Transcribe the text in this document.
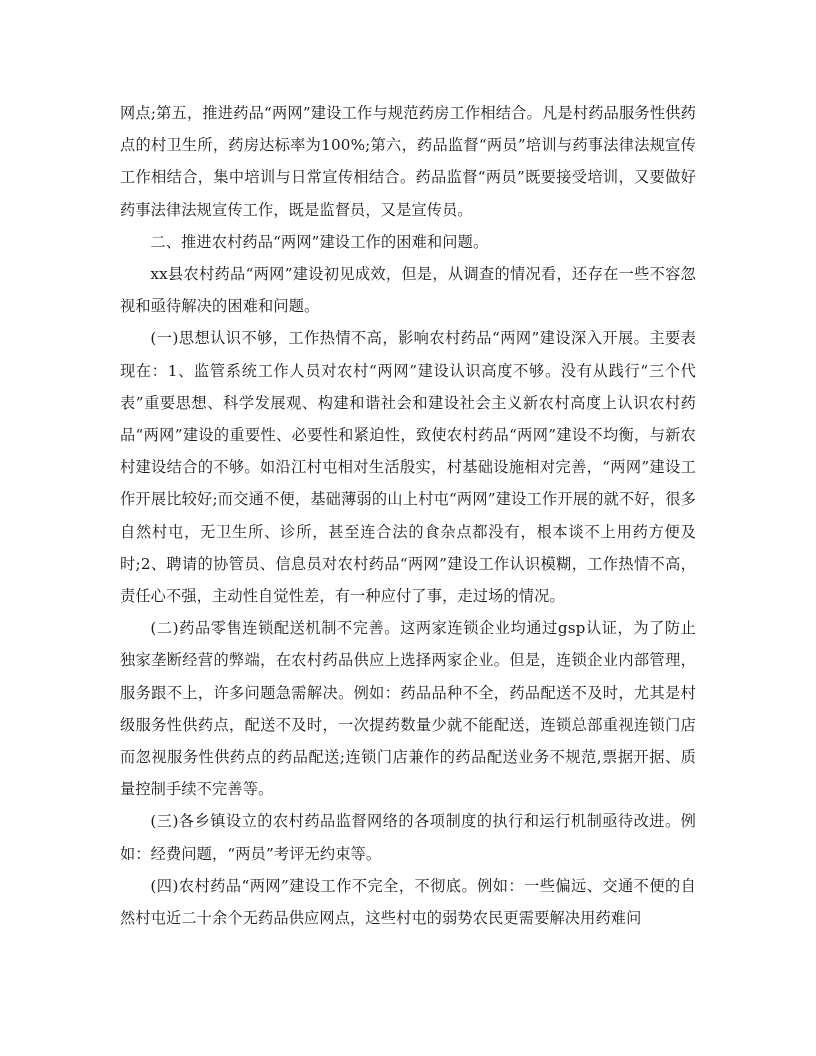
网点;第五，推进药品“两网”建设工作与规范药房工作相结合。凡是村药品服务性供药点的村卫生所，药房达标率为100%;第六，药品监督“两员”培训与药事法律法规宣传工作相结合，集中培训与日常宣传相结合。药品监督“两员”既要接受培训，又要做好药事法律法规宣传工作，既是监督员，又是宣传员。

二、推进农村药品“两网”建设工作的困难和问题。

xx县农村药品“两网”建设初见成效，但是，从调查的情况看，还存在一些不容忽视和亟待解决的困难和问题。

(一)思想认识不够，工作热情不高，影响农村药品“两网”建设深入开展。主要表现在：1、监管系统工作人员对农村“两网”建设认识高度不够。没有从践行“三个代表”重要思想、科学发展观、构建和谐社会和建设社会主义新农村高度上认识农村药品“两网”建设的重要性、必要性和紧迫性，致使农村药品“两网”建设不均衡，与新农村建设结合的不够。如沿江村屯相对生活殷实，村基础设施相对完善，“两网”建设工作开展比较好;而交通不便，基础薄弱的山上村屯“两网”建设工作开展的就不好，很多自然村屯，无卫生所、诊所，甚至连合法的食杂点都没有，根本谈不上用药方便及时;2、聘请的协管员、信息员对农村药品“两网”建设工作认识模糊，工作热情不高，责任心不强，主动性自觉性差，有一种应付了事，走过场的情况。

(二)药品零售连锁配送机制不完善。这两家连锁企业均通过gsp认证，为了防止独家垄断经营的弊端，在农村药品供应上选择两家企业。但是，连锁企业内部管理，服务跟不上，许多问题急需解决。例如：药品品种不全，药品配送不及时，尤其是村级服务性供药点，配送不及时，一次提药数量少就不能配送，连锁总部重视连锁门店而忽视服务性供药点的药品配送;连锁门店兼作的药品配送业务不规范,票据开据、质量控制手续不完善等。

(三)各乡镇设立的农村药品监督网络的各项制度的执行和运行机制亟待改进。例如：经费问题，“两员”考评无约束等。

(四)农村药品“两网”建设工作不完全，不彻底。例如：一些偏远、交通不便的自然村屯近二十余个无药品供应网点，这些村屯的弱势农民更需要解决用药难问
